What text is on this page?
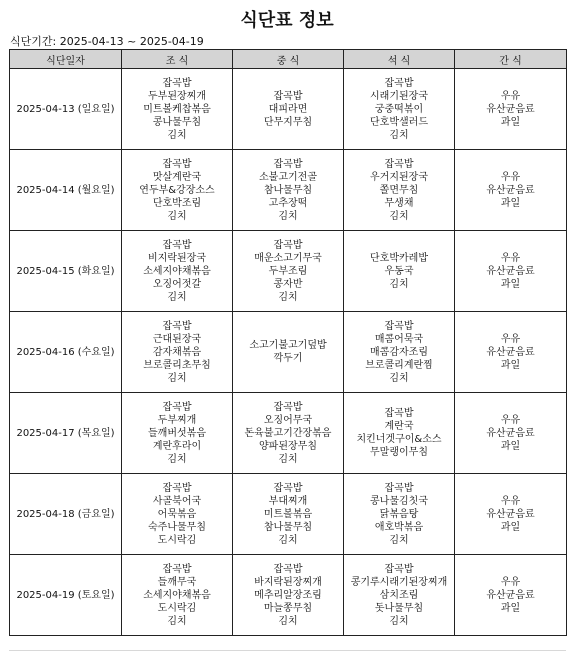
식단표 정보
식단기간: 2025-04-13 ~ 2025-04-19
식단일자	조 식	중 식	석 식	간 식
2025-04-13 (일요일)	잡곡밥
두부된장찌개
미트볼케찹볶음
콩나물무침
김치	잡곡밥
대피라면
단무지무침	잡곡밥
시래기된장국
궁중떡볶이
단호박샐러드
김치	우유
유산균음료
과일

2025-04-14 (월요일)	잡곡밥
맛살계란국
연두부&강장소스
단호박조림
김치	잡곡밥
소불고기전골
참나물무침
고추장떡
김치	잡곡밥
우거지된장국
쫄면무침
무생채
김치	우유
유산균음료
과일

2025-04-15 (화요일)	잡곡밥
비지락된장국
소세지야채볶음
오징어젓갈
김치	잡곡밥
매운소고기무국
두부조림
콩자반
김치	단호박카레밥
우동국
김치	우유
유산균음료
과일

2025-04-16 (수요일)	잡곡밥
근대된장국
감자채볶음
브로콜리초무침
김치	소고기불고기덮밥
깍두기	잡곡밥
매콤어묵국
매콤감자조림
브로콜리계란찜
김치	우유
유산균음료
과일

2025-04-17 (목요일)	잡곡밥
두부찌개
들깨버섯볶음
계란후라이
김치	잡곡밥
오징어무국
돈육불고기간장볶음
양파된장무침
김치	잡곡밥
계란국
치킨너겟구이&소스
무말랭이무침	우유
유산균음료
과일

2025-04-18 (금요일)	잡곡밥
사골북어국
어묵볶음
숙주나물무침
도시락김	잡곡밥
부대찌개
미트볼볶음
참나물무침
김치	잡곡밥
콩나물김칫국
닭볶음탕
애호박볶음
김치	우유
유산균음료
과일

2025-04-19 (토요일)	잡곡밥
들깨무국
소세지야채볶음
도시락김
김치	잡곡밥
바지락된장찌개
메추리알장조림
마늘쫑무침
김치	잡곡밥
콩기루시래기된장찌개
삼치조림
돗나물무침
김치	우유
유산균음료
과일
